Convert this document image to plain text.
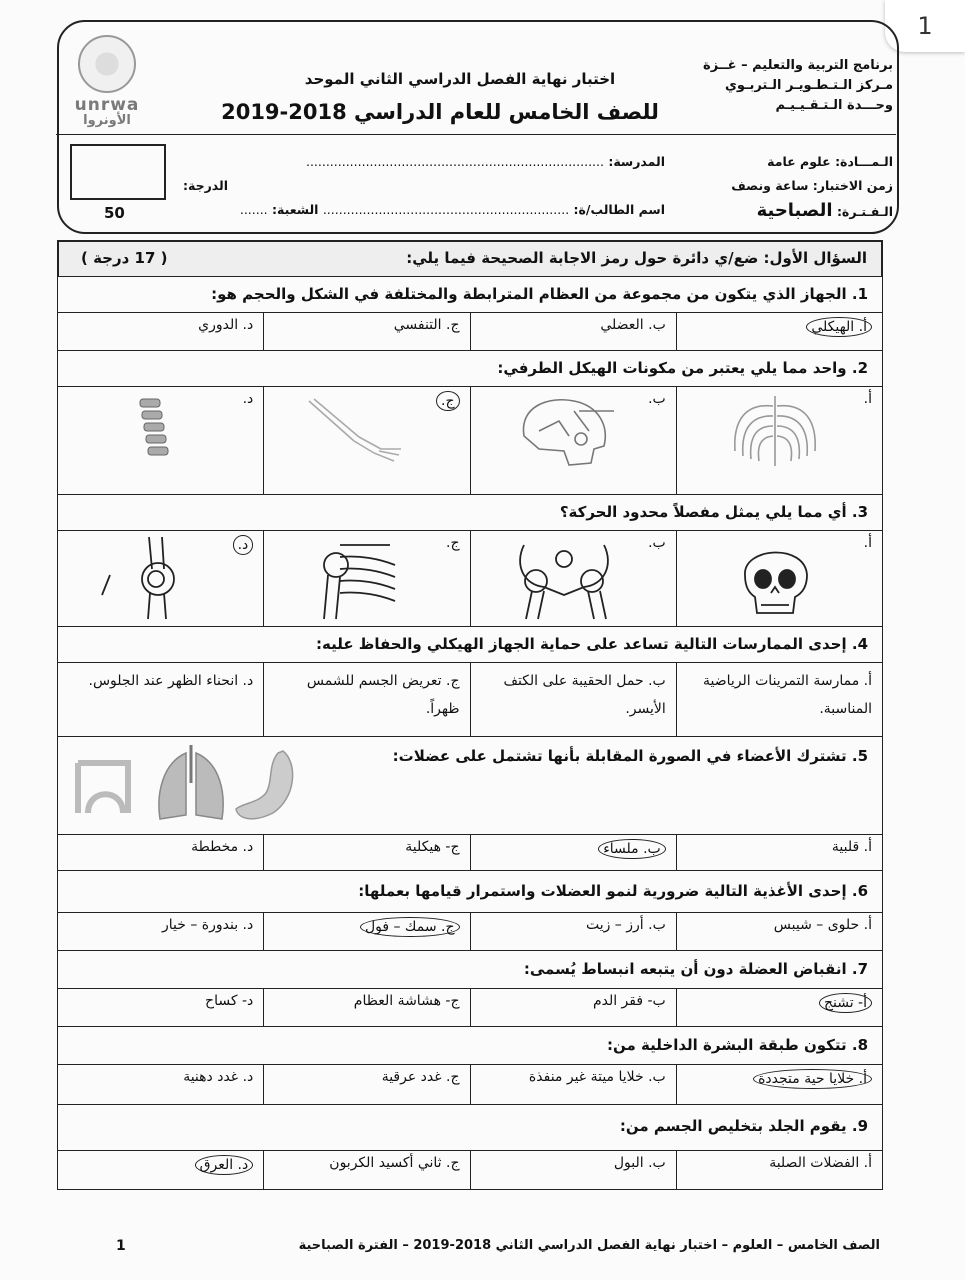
1
unrwa
الأونروا
برنامج التربية والتعليم – غــزة
مـركز الـتـطـويـر الـتربـوي
وحـــدة الـتـقـيـيـم
اختبار نهاية الفصل الدراسي الثاني الموحد
للصف الخامس للعام الدراسي 2018-2019
الـمـــادة: علوم عامة
زمن الاختبار: ساعة ونصف
الـفـتـرة: الصباحية
المدرسة: ...........................................................................
اسم الطالب/ة: .............................................................. الشعبة: .......
الدرجة:
50
السؤال الأول: ضع/ي دائرة حول رمز الاجابة الصحيحة فيما يلي:
( 17 درجة )
1. الجهاز الذي يتكون من مجموعة من العظام المترابطة والمختلفة في الشكل والحجم هو:
أ. الهيكلي
ب. العضلي
ج. التنفسي
د. الدوري
2. واحد مما يلي يعتبر من مكونات الهيكل الطرفي:
أ.
ب.
ج.
د.
3. أي مما يلي يمثل مفصلاً محدود الحركة؟
أ.
ب.
ج.
د.
4. إحدى الممارسات التالية تساعد على حماية الجهاز الهيكلي والحفاظ عليه:
أ. ممارسة التمرينات الرياضية المناسبة.
ب. حمل الحقيبة على الكتف الأيسر.
ج. تعريض الجسم للشمس ظهراً.
د. انحناء الظهر عند الجلوس.
5. تشترك الأعضاء في الصورة المقابلة بأنها تشتمل على عضلات:
أ. قلبية
ب. ملساء
ج- هيكلية
د. مخططة
6. إحدى الأغذية التالية ضرورية لنمو العضلات واستمرار قيامها بعملها:
أ. حلوى – شيبس
ب. أرز – زيت
ج. سمك – فول
د. بندورة – خيار
7. انقباض العضلة دون أن يتبعه انبساط يُسمى:
أ- تشنج
ب- فقر الدم
ج- هشاشة العظام
د- كساح
8. تتكون طبقة البشرة الداخلية من:
أ. خلايا حية متجددة
ب. خلايا ميتة غير منفذة
ج. غدد عرقية
د. غدد دهنية
9. يقوم الجلد بتخليص الجسم من:
أ. الفضلات الصلبة
ب. البول
ج. ثاني أكسيد الكربون
د. العرق
الصف الخامس – العلوم – اختبار نهاية الفصل الدراسي الثاني 2018-2019 – الفترة الصباحية
1
